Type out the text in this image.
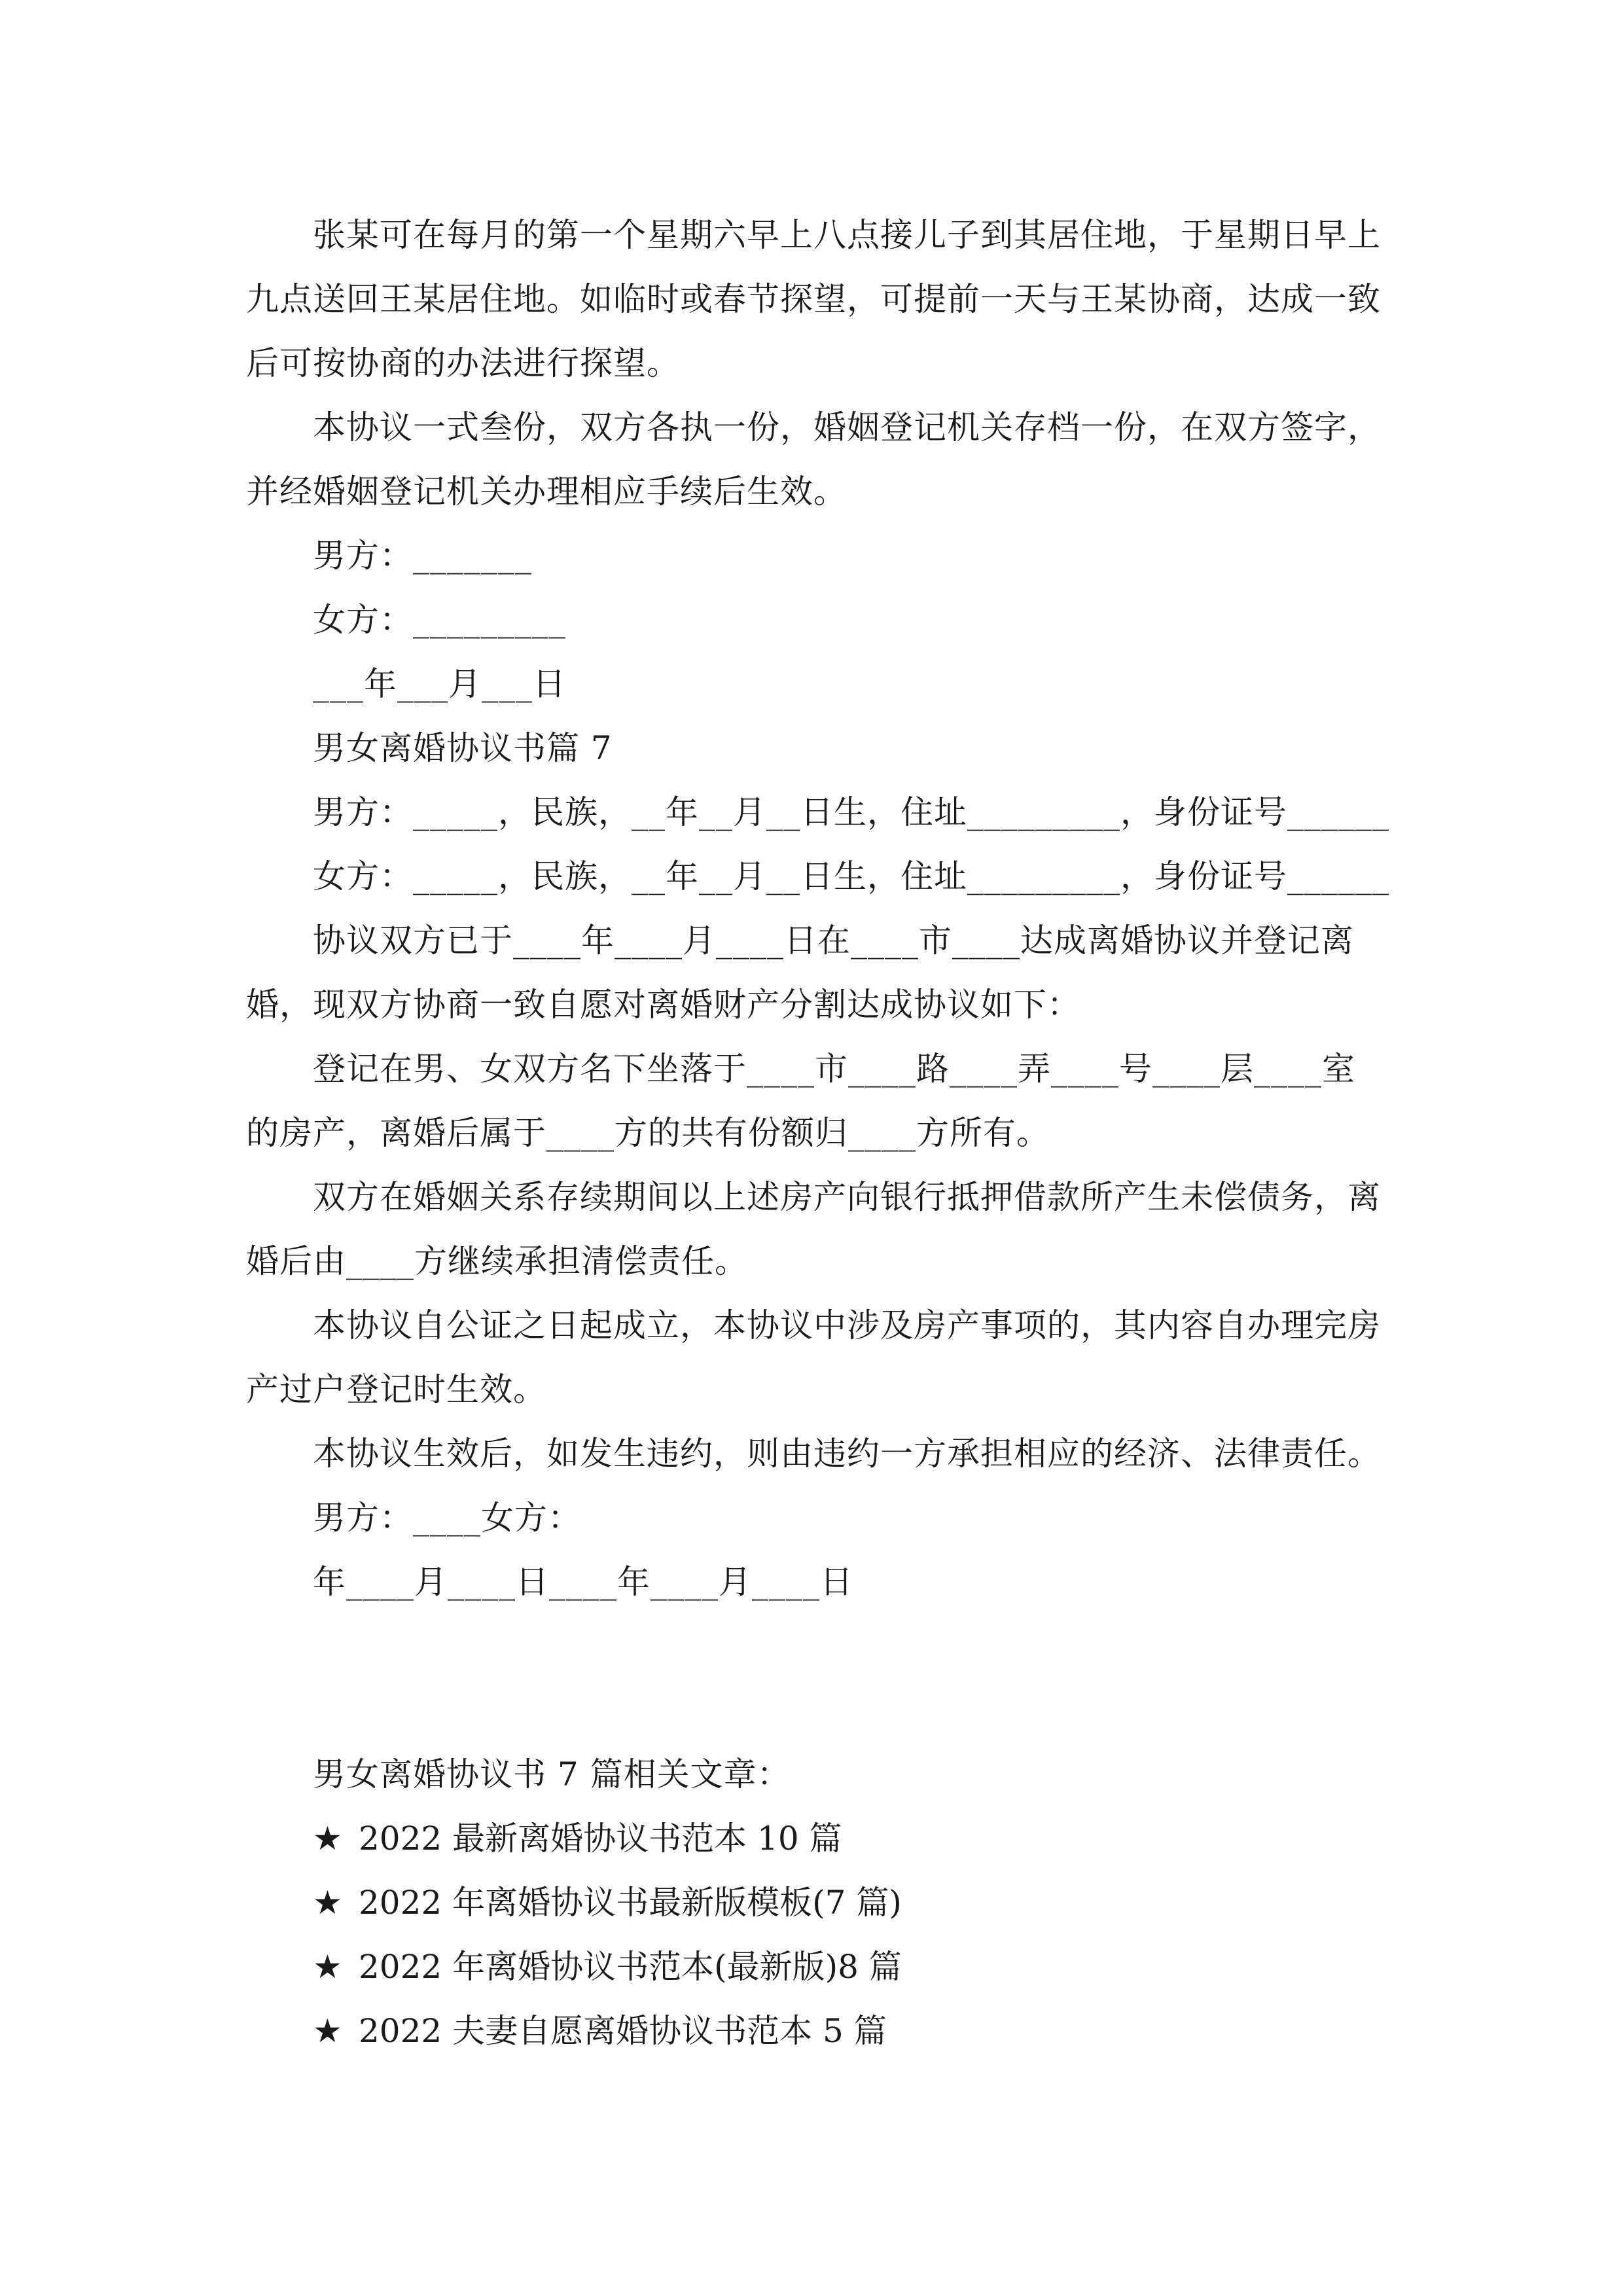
张某可在每月的第一个星期六早上八点接儿子到其居住地，于星期日早上九点送回王某居住地。如临时或春节探望，可提前一天与王某协商，达成一致后可按协商的办法进行探望。

本协议一式叁份，双方各执一份，婚姻登记机关存档一份，在双方签字，并经婚姻登记机关办理相应手续后生效。

男方：_______

女方：_________

___年___月___日

男女离婚协议书篇 7

男方：_____，民族，__年__月__日生，住址_________，身份证号______

女方：_____，民族，__年__月__日生，住址_________，身份证号______

协议双方已于____年____月____日在____市____达成离婚协议并登记离婚，现双方协商一致自愿对离婚财产分割达成协议如下：

登记在男、女双方名下坐落于____市____路____弄____号____层____室的房产，离婚后属于____方的共有份额归____方所有。

双方在婚姻关系存续期间以上述房产向银行抵押借款所产生未偿债务，离婚后由____方继续承担清偿责任。

本协议自公证之日起成立，本协议中涉及房产事项的，其内容自办理完房产过户登记时生效。

本协议生效后，如发生违约，则由违约一方承担相应的经济、法律责任。

男方：____女方：

年____月____日____年____月____日

男女离婚协议书 7 篇相关文章：

★ 2022 最新离婚协议书范本 10 篇

★ 2022 年离婚协议书最新版模板(7 篇)

★ 2022 年离婚协议书范本(最新版)8 篇

★ 2022 夫妻自愿离婚协议书范本 5 篇
